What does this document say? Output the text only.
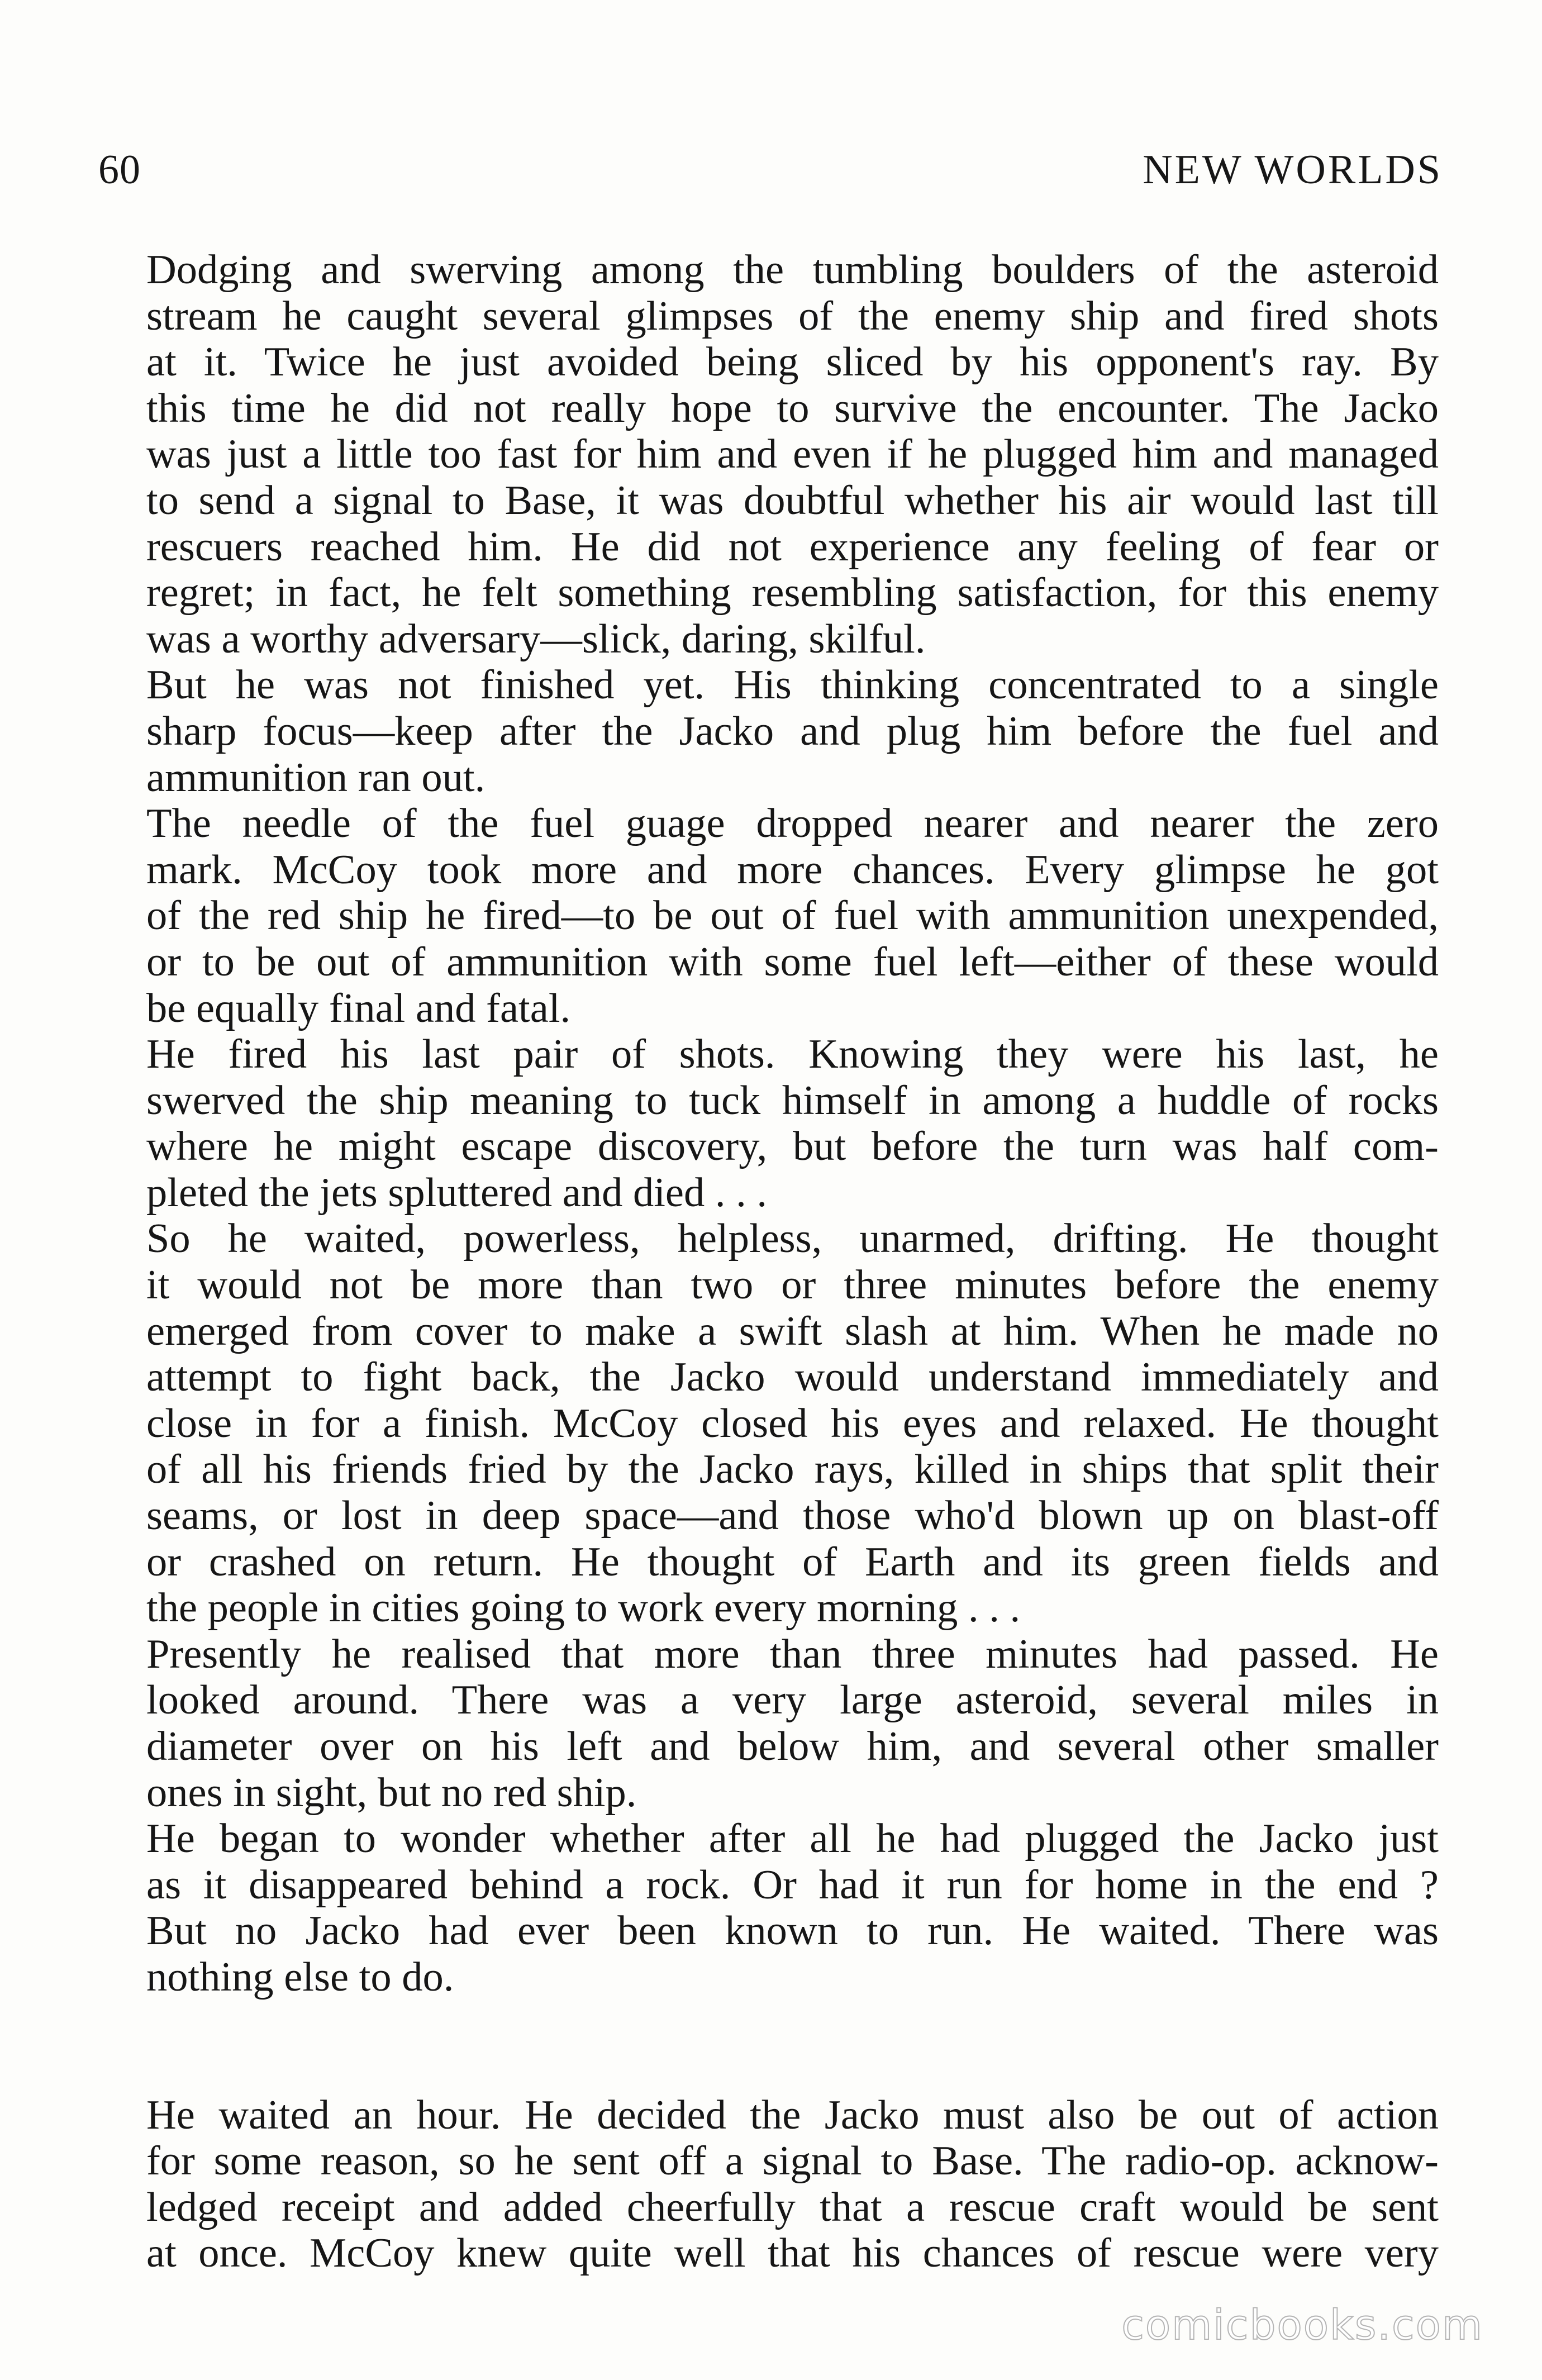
60	NEW WORLDS

Dodging and swerving among the tumbling boulders of the asteroid
stream he caught several glimpses of the enemy ship and fired shots
at it. Twice he just avoided being sliced by his opponent's ray. By
this time he did not really hope to survive the encounter. The Jacko
was just a little too fast for him and even if he plugged him and managed
to send a signal to Base, it was doubtful whether his air would last till
rescuers reached him. He did not experience any feeling of fear or
regret; in fact, he felt something resembling satisfaction, for this enemy
was a worthy adversary—slick, daring, skilful.

But he was not finished yet. His thinking concentrated to a single
sharp focus—keep after the Jacko and plug him before the fuel and
ammunition ran out.

The needle of the fuel guage dropped nearer and nearer the zero
mark. McCoy took more and more chances. Every glimpse he got
of the red ship he fired—to be out of fuel with ammunition unexpended,
or to be out of ammunition with some fuel left—either of these would
be equally final and fatal.

He fired his last pair of shots. Knowing they were his last, he
swerved the ship meaning to tuck himself in among a huddle of rocks
where he might escape discovery, but before the turn was half com-
pleted the jets spluttered and died . . .

So he waited, powerless, helpless, unarmed, drifting. He thought
it would not be more than two or three minutes before the enemy
emerged from cover to make a swift slash at him. When he made no
attempt to fight back, the Jacko would understand immediately and
close in for a finish. McCoy closed his eyes and relaxed. He thought
of all his friends fried by the Jacko rays, killed in ships that split their
seams, or lost in deep space—and those who'd blown up on blast-off
or crashed on return. He thought of Earth and its green fields and
the people in cities going to work every morning . . .

Presently he realised that more than three minutes had passed. He
looked around. There was a very large asteroid, several miles in
diameter over on his left and below him, and several other smaller
ones in sight, but no red ship.

He began to wonder whether after all he had plugged the Jacko just
as it disappeared behind a rock. Or had it run for home in the end ?
But no Jacko had ever been known to run. He waited. There was
nothing else to do.

He waited an hour. He decided the Jacko must also be out of action
for some reason, so he sent off a signal to Base. The radio-op. acknow-
ledged receipt and added cheerfully that a rescue craft would be sent
at once. McCoy knew quite well that his chances of rescue were very

comicbooks.com
